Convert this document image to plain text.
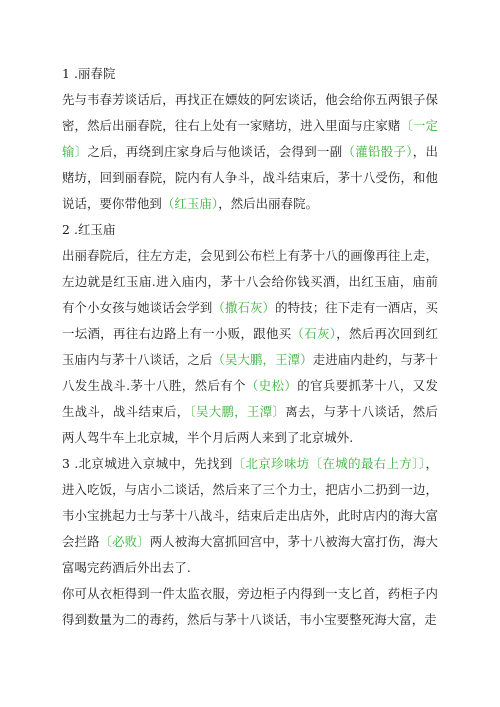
1 .丽春院

先与韦春芳谈话后，再找正在嫖妓的阿宏谈话，他会给你五两银子保密，然后出丽春院，往右上处有一家赌坊，进入里面与庄家赌〔一定输〕之后，再绕到庄家身后与他谈话，会得到一副（灌铅骰子），出赌坊，回到丽春院，院内有人争斗，战斗结束后，茅十八受伤，和他说话，要你带他到（红玉庙），然后出丽春院。

2 .红玉庙

出丽春院后，往左方走，会见到公布栏上有茅十八的画像再往上走，左边就是红玉庙.进入庙内，茅十八会给你钱买酒，出红玉庙，庙前有个小女孩与她谈话会学到（撒石灰）的特技；往下走有一酒店，买一坛酒，再往右边路上有一小贩，跟他买（石灰），然后再次回到红玉庙内与茅十八谈话，之后（吴大鹏，王潭）走进庙内赴约，与茅十八发生战斗.茅十八胜，然后有个（史松）的官兵要抓茅十八，又发生战斗，战斗结束后，〔吴大鹏，王潭〕离去，与茅十八谈话，然后两人驾牛车上北京城，半个月后两人来到了北京城外.

3 .北京城进入京城中，先找到〔北京珍味坊〔在城的最右上方〕〕，进入吃饭，与店小二谈话，然后来了三个力士，把店小二扔到一边，韦小宝挑起力士与茅十八战斗，结束后走出店外，此时店内的海大富会拦路〔必败〕两人被海大富抓回宫中，茅十八被海大富打伤，海大富喝完药酒后外出去了.

你可从衣柜得到一件太监衣服，旁边柜子内得到一支匕首，药柜子内得到数量为二的毒药，然后与茅十八谈话，韦小宝要整死海大富，走
